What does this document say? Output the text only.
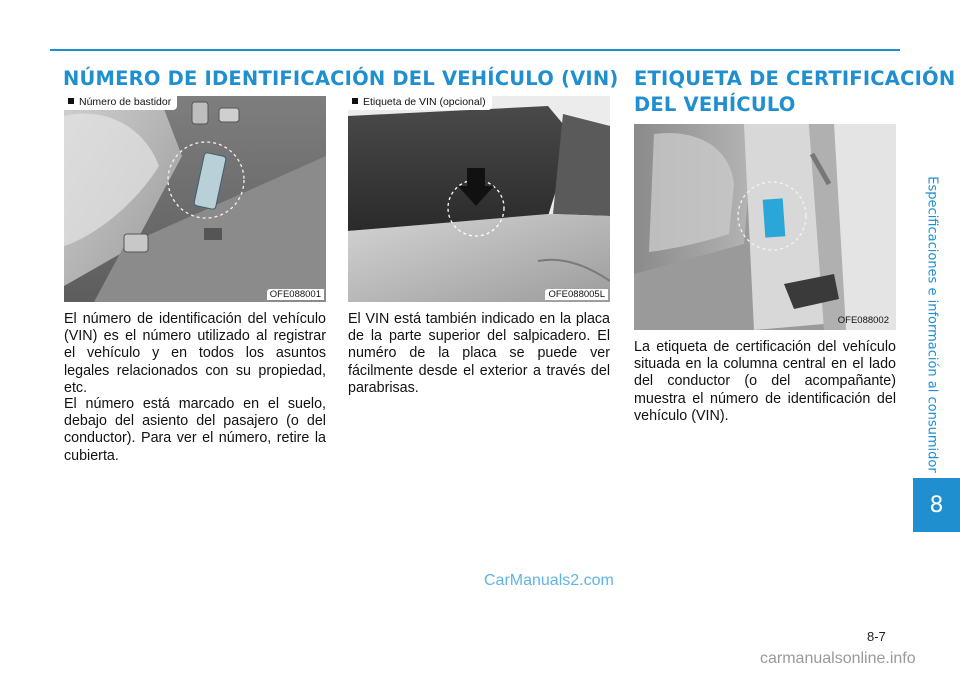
NÚMERO DE IDENTIFICACIÓN DEL VEHÍCULO (VIN) ETIQUETA DE CERTIFICACIÓN
DEL VEHÍCULO
Número de bastidor
OFE088001
Etiqueta de VIN (opcional)
OFE088005L
OFE088002

El número de identificación del vehículo (VIN) es el número utilizado al registrar el vehículo y en todos los asuntos legales relacionados con su propiedad, etc.

El número está marcado en el suelo, debajo del asiento del pasajero (o del conductor). Para ver el número, retire la cubierta.

El VIN está también indicado en la placa de la parte superior del salpicadero. El numéro de la placa se puede ver fácilmente desde el exterior a través del parabrisas.

La etiqueta de certificación del vehículo situada en la columna central en el lado del conductor (o del acompañante) muestra el número de identificación del vehículo (VIN).	Especificaciones e información al consumidor
8
8-7
CarManuals2.com
carmanualsonline.info
